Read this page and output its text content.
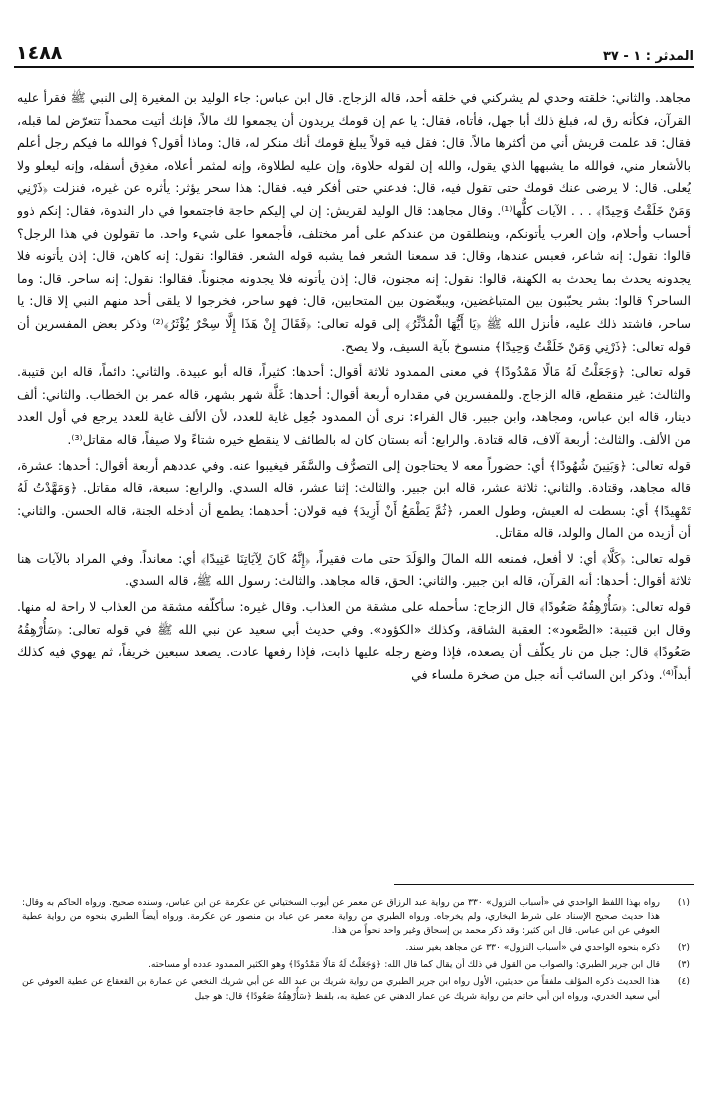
١٤٨٨	المدثر : ١ - ٣٧

مجاهد. والثاني: خلقته وحدي لم يشركني في خلقه أحد، قاله الزجاج. قال ابن عباس: جاء الوليد بن المغيرة إلى النبي ﷺ فقرأ عليه القرآن، فكأنه رق له، فبلغ ذلك أبا جهل، فأتاه، فقال: يا عم إن قومك يريدون أن يجمعوا لك مالاً، فإنك أتيت محمداً تتعرّض لما قبله، فقال: قد علمت قريش أني من أكثرها مالاً. قال: فقل فيه قولاً يبلغ قومك أنك منكر له، قال: وماذا أقول؟ فوالله ما فيكم رجل أعلم بالأشعار مني، فوالله ما يشبهها الذي يقول، والله إن لقوله حلاوة، وإن عليه لطلاوة، وإنه لمثمر أعلاه، مغدِق أسفله، وإنه ليعلو ولا يُعلى. قال: لا يرضى عنك قومك حتى تقول فيه، قال: فدعني حتى أفكر فيه. فقال: هذا سحر يؤثر: يأثره عن غيره، فنزلت ﴿ذَرْنِي وَمَنْ خَلَقْتُ وَحِيدًا﴾ . . . الآيات كلُّها⁽¹⁾. وقال مجاهد: قال الوليد لقريش: إن لي إليكم حاجة فاجتمعوا في دار الندوة، فقال: إنكم ذوو أحساب وأحلام، وإن العرب يأتونكم، وينطلقون من عندكم على أمر مختلف، فأجمعوا على شيء واحد. ما تقولون في هذا الرجل؟ قالوا: نقول: إنه شاعر، فعبس عندها، وقال: قد سمعنا الشعر فما يشبه قوله الشعر. فقالوا: نقول: إنه كاهن، قال: إذن يأتونه فلا يجدونه يحدث بما يحدث به الكهنة، قالوا: نقول: إنه مجنون، قال: إذن يأتونه فلا يجدونه مجنوناً. فقالوا: نقول: إنه ساحر. قال: وما الساحر؟ قالوا: بشر يحبّبون بين المتباغضين، ويبغّضون بين المتحابين، قال: فهو ساحر، فخرجوا لا يلقى أحد منهم النبي إلا قال: يا ساحر، فاشتد ذلك عليه، فأنزل الله ﷺ ﴿يَا أَيُّهَا الْمُدَّثِّرُ﴾ إلى قوله تعالى: ﴿فَقَالَ إِنْ هَذَا إِلَّا سِحْرٌ يُؤْثَرُ﴾⁽²⁾ وذكر بعض المفسرين أن قوله تعالى: ﴿ذَرْنِي وَمَنْ خَلَقْتُ وَحِيدًا﴾ منسوخ بآية السيف، ولا يصح.

قوله تعالى: ﴿وَجَعَلْتُ لَهُ مَالًا مَمْدُودًا﴾ في معنى الممدود ثلاثة أقوال: أحدها: كثيراً، قاله أبو عبيدة. والثاني: دائماً، قاله ابن قتيبة. والثالث: غير منقطع، قاله الزجاج. وللمفسرين في مقداره أربعة أقوال: أحدها: غَلَّة شهر بشهر، قاله عمر بن الخطاب. والثاني: ألف دينار، قاله ابن عباس، ومجاهد، وابن جبير. قال الفراء: نرى أن الممدود جُعِل غاية للعدد، لأن الألف غاية للعدد يرجع في أول العدد من الألف. والثالث: أربعة آلاف، قاله قتادة. والرابع: أنه بستان كان له بالطائف لا ينقطع خيره شتاءً ولا صيفاً، قاله مقاتل⁽³⁾.

قوله تعالى: ﴿وَبَنِينَ شُهُودًا﴾ أي: حضوراً معه لا يحتاجون إلى التصرُّف والسَّفَر فيغيبوا عنه. وفي عددهم أربعة أقوال: أحدها: عشرة، قاله مجاهد، وقتادة. والثاني: ثلاثة عشر، قاله ابن جبير. والثالث: إثنا عشر، قاله السدي. والرابع: سبعة، قاله مقاتل. ﴿وَمَهَّدْتُ لَهُ تَمْهِيدًا﴾ أي: بسطت له العيش، وطول العمر، ﴿ثُمَّ يَطْمَعُ أَنْ أَزِيدَ﴾ فيه قولان: أحدهما: يطمع أن أدخله الجنة، قاله الحسن. والثاني: أن أزيده من المال والولد، قاله مقاتل.

قوله تعالى: ﴿كَلَّا﴾ أي: لا أفعل، فمنعه الله المالَ والوَلَدَ حتى مات فقيراً، ﴿إِنَّهُ كَانَ لِآيَاتِنَا عَنِيدًا﴾ أي: معانداً. وفي المراد بالآيات هنا ثلاثة أقوال: أحدها: أنه القرآن، قاله ابن جبير. والثاني: الحق، قاله مجاهد. والثالث: رسول الله ﷺ، قاله السدي.

قوله تعالى: ﴿سَأُرْهِقُهُ صَعُودًا﴾ قال الزجاج: سأحمله على مشقة من العذاب. وقال غيره: سأكلّفه مشقة من العذاب لا راحة له منها. وقال ابن قتيبة: «الصَّعود»: العقبة الشاقة، وكذلك «الكؤود». وفي حديث أبي سعيد عن نبي الله ﷺ في قوله تعالى: ﴿سَأُرْهِقُهُ صَعُودًا﴾ قال: جبل من نار يكلّف أن يصعده، فإذا وضع رجله عليها ذابت، فإذا رفعها عادت. يصعد سبعين خريفاً، ثم يهوي فيه كذلك أبداً⁽⁴⁾. وذكر ابن السائب أنه جبل من صخرة ملساء في

(١)
رواه بهذا اللفظ الواحدي في «أسباب النزول» ٣٣٠ من رواية عبد الرزاق عن معمر عن أيوب السختياني عن عكرمة عن ابن عباس، وسنده صحيح. ورواه الحاكم به وقال: هذا حديث صحيح الإسناد على شرط البخاري، ولم يخرجاه. ورواه الطبري من رواية معمر عن عباد بن منصور عن عكرمة. ورواه أيضاً الطبري بنحوه من رواية عطية العوفي عن ابن عباس. قال ابن كثير: وقد ذكر محمد بن إسحاق وغير واحد نحواً من هذا.
(٢)
ذكره بنحوه الواحدي في «أسباب النزول» ٣٣٠ عن مجاهد بغير سند.
(٣)
قال ابن جرير الطبري: والصواب من القول في ذلك أن يقال كما قال الله: ﴿وَجَعَلْتُ لَهُ مَالًا مَمْدُودًا﴾ وهو الكثير الممدود عدده أو مساحته.
(٤)
هذا الحديث ذكره المؤلف ملفقاً من حديثين، الأول رواه ابن جرير الطبري من رواية شريك بن عبد الله عن أبي شريك النخعي عن عمارة بن القعقاع عن عطية العوفي عن أبي سعيد الخدري، ورواه ابن أبي حاتم من رواية شريك عن عمار الدهني عن عطية به، بلفظ ﴿سَأُرْهِقُهُ صَعُودًا﴾ قال: هو جبل
